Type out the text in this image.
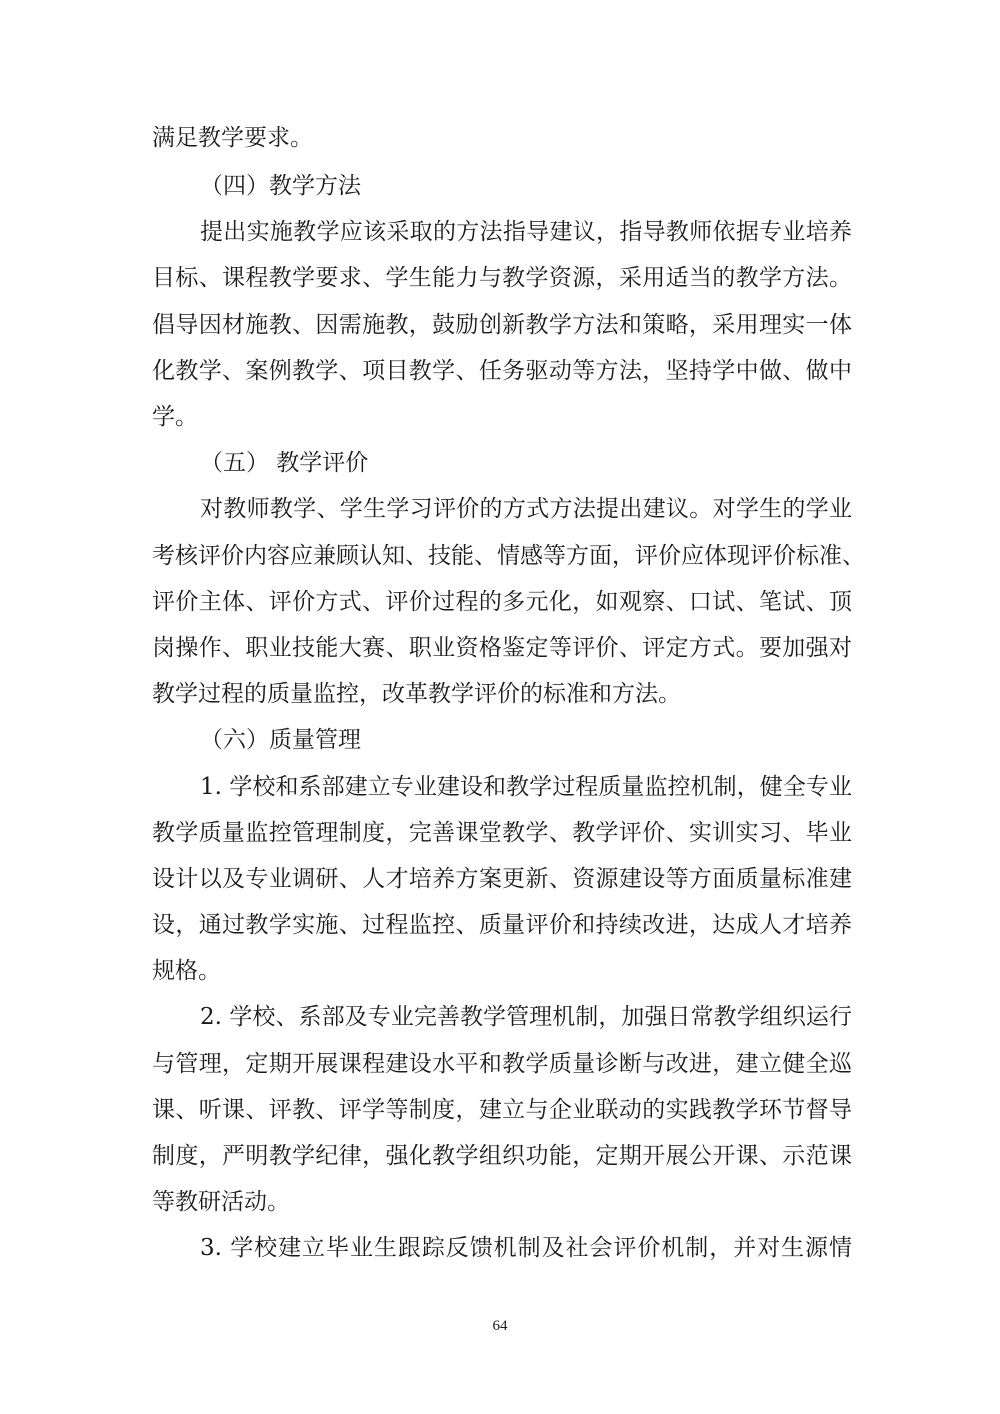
满足教学要求。
（四）教学方法
提出实施教学应该采取的方法指导建议，指导教师依据专业培养
目标、课程教学要求、学生能力与教学资源，采用适当的教学方法。
倡导因材施教、因需施教，鼓励创新教学方法和策略，采用理实一体
化教学、案例教学、项目教学、任务驱动等方法，坚持学中做、做中
学。
（五） 教学评价
对教师教学、学生学习评价的方式方法提出建议。对学生的学业
考核评价内容应兼顾认知、技能、情感等方面，评价应体现评价标准、
评价主体、评价方式、评价过程的多元化，如观察、口试、笔试、顶
岗操作、职业技能大赛、职业资格鉴定等评价、评定方式。要加强对
教学过程的质量监控，改革教学评价的标准和方法。
（六）质量管理
1. 学校和系部建立专业建设和教学过程质量监控机制，健全专业
教学质量监控管理制度，完善课堂教学、教学评价、实训实习、毕业
设计以及专业调研、人才培养方案更新、资源建设等方面质量标准建
设，通过教学实施、过程监控、质量评价和持续改进，达成人才培养
规格。
2. 学校、系部及专业完善教学管理机制，加强日常教学组织运行
与管理，定期开展课程建设水平和教学质量诊断与改进，建立健全巡
课、听课、评教、评学等制度，建立与企业联动的实践教学环节督导
制度，严明教学纪律，强化教学组织功能，定期开展公开课、示范课
等教研活动。
3. 学校建立毕业生跟踪反馈机制及社会评价机制，并对生源情
64
